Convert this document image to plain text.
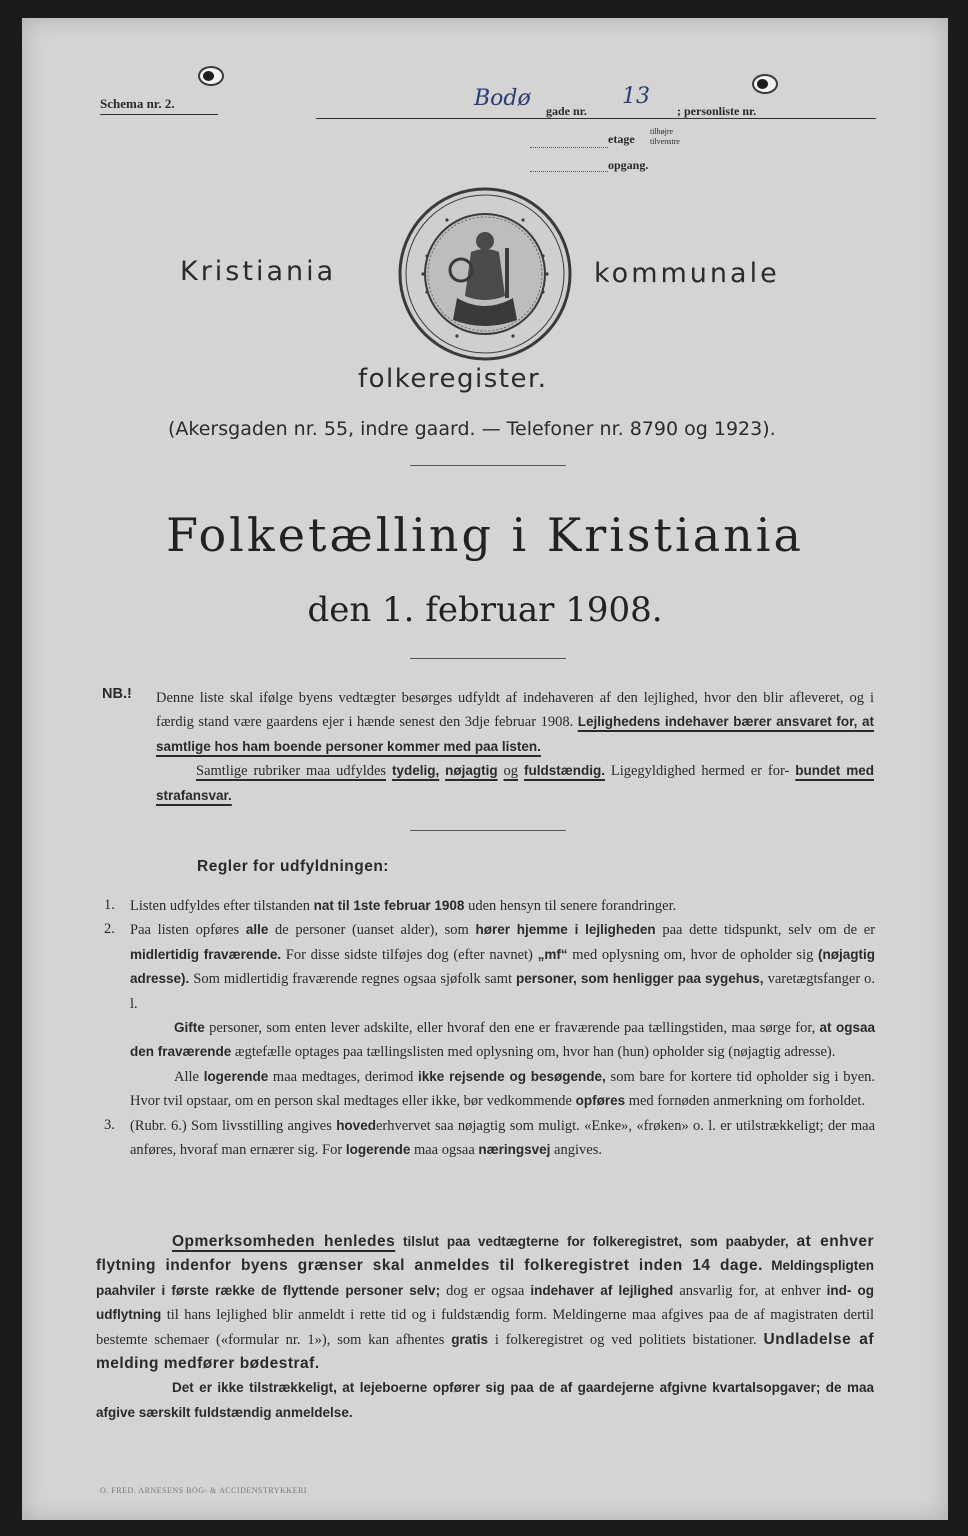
Schema nr. 2.	Bodø gade nr.
13
; personliste nr.
etage
tilhøjre
tilvenstre
opgang.
Kristiania	kommunale
folkeregister.
(Akersgaden nr. 55, indre gaard. — Telefoner nr. 8790 og 1923).
Folketælling i Kristiania
den 1. februar 1908.
NB.! Denne liste skal ifølge byens vedtægter besørges udfyldt af indehaveren af den lejlighed, hvor den blir afleveret, og i færdig stand være gaardens ejer i hænde senest den 3dje februar 1908. Lejlighedens indehaver bærer ansvaret for, at samtlige hos ham boende personer kommer med paa listen.
Samtlige rubriker maa udfyldes tydelig, nøjagtig og fuldstændig. Ligegyldighed hermed er for- bundet med strafansvar.
Regler for udfyldningen:
1. Listen udfyldes efter tilstanden nat til 1ste februar 1908 uden hensyn til senere forandringer.
2. Paa listen opføres alle de personer (uanset alder), som hører hjemme i lejligheden paa dette tidspunkt, selv om de er midlertidig fraværende. For disse sidste tilføjes dog (efter navnet) „mf“ med oplysning om, hvor de opholder sig (nøjagtig adresse). Som midlertidig fraværende regnes ogsaa sjøfolk samt personer, som henligger paa sygehus, varetægtsfanger o. l.
Gifte personer, som enten lever adskilte, eller hvoraf den ene er fraværende paa tællingstiden, maa sørge for, at ogsaa den fraværende ægtefælle optages paa tællingslisten med oplysning om, hvor han (hun) opholder sig (nøjagtig adresse).
Alle logerende maa medtages, derimod ikke rejsende og besøgende, som bare for kortere tid opholder sig i byen. Hvor tvil opstaar, om en person skal medtages eller ikke, bør vedkommende opføres med fornøden anmerkning om forholdet.
3. (Rubr. 6.) Som livsstilling angives hovederhvervet saa nøjagtig som muligt. «Enke», «frøken» o. l. er utilstrækkeligt; der maa anføres, hvoraf man ernærer sig. For logerende maa ogsaa næringsvej angives.
Opmerksomheden henledes tilslut paa vedtægterne for folkeregistret, som paabyder, at enhver flytning indenfor byens grænser skal anmeldes til folkeregistret inden 14 dage. Meldingspligten paahviler i første række de flyttende personer selv; dog er ogsaa indehaver af lejlighed ansvarlig for, at enhver ind- og udflytning til hans lejlighed blir anmeldt i rette tid og i fuldstændig form. Meldingerne maa afgives paa de af magistraten dertil bestemte schemaer («formular nr. 1»), som kan afhentes gratis i folkeregistret og ved politiets bistationer. Undladelse af melding medfører bødestraf.
Det er ikke tilstrækkeligt, at lejeboerne opfører sig paa de af gaardejerne afgivne kvartalsopgaver; de maa afgive særskilt fuldstændig anmeldelse.
O. FRED. ARNESENS BOG- & ACCIDENSTRYKKERI
